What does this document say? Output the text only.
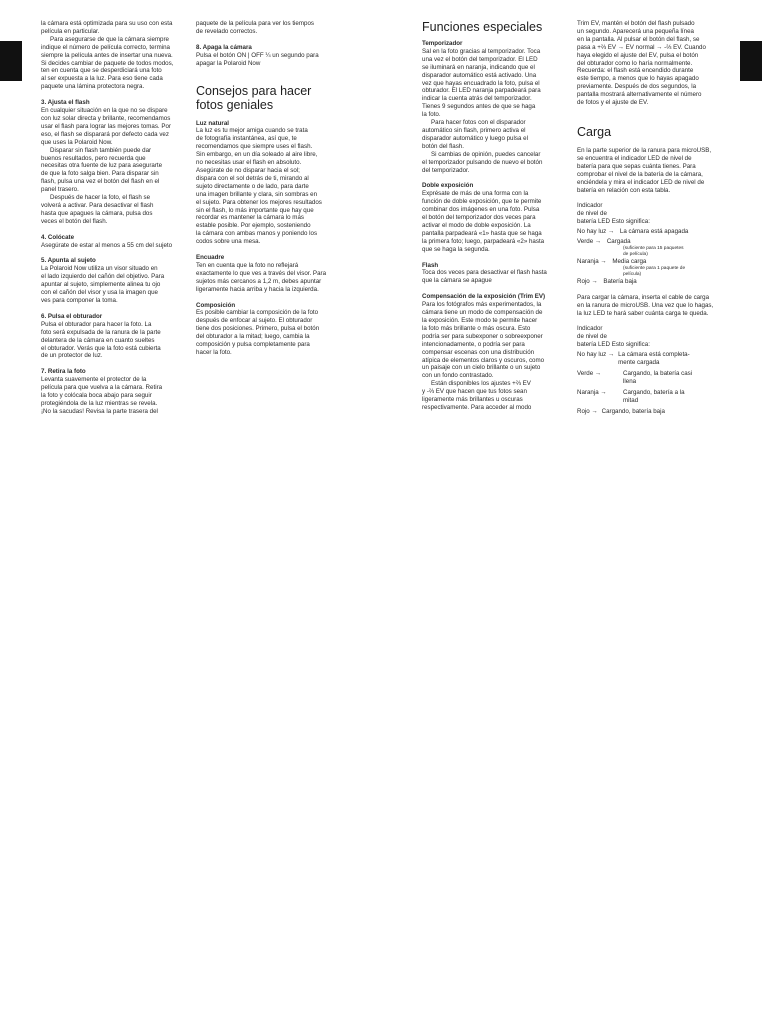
la cámara está optimizada para su uso con esta
película en particular.

Para asegurarse de que la cámara siempre
indique el número de película correcto, termina
siempre la película antes de insertar una nueva.
Si decides cambiar de paquete de todos modos,
ten en cuenta que se desperdiciará una foto
al ser expuesta a la luz. Para eso tiene cada
paquete una lámina protectora negra.

3. Ajusta el flash

En cualquier situación en la que no se dispare
con luz solar directa y brillante, recomendamos
usar el flash para lograr las mejores tomas. Por
eso, el flash se disparará por defecto cada vez
que uses la Polaroid Now.

Disparar sin flash también puede dar
buenos resultados, pero recuerda que
necesitas otra fuente de luz para asegurarte
de que la foto salga bien. Para disparar sin
flash, pulsa una vez el botón del flash en el
panel trasero.

Después de hacer la foto, el flash se
volverá a activar. Para desactivar el flash
hasta que apagues la cámara, pulsa dos
veces el botón del flash.

4. Colócate

Asegúrate de estar al menos a 55 cm del sujeto

5. Apunta al sujeto

La Polaroid Now utiliza un visor situado en
el lado izquierdo del cañón del objetivo. Para
apuntar al sujeto, simplemente alinea tu ojo
con el cañón del visor y usa la imagen que
ves para componer la toma.

6. Pulsa el obturador

Pulsa el obturador para hacer la foto. La
foto será expulsada de la ranura de la parte
delantera de la cámara en cuanto sueltes
el obturador. Verás que la foto está cubierta
de un protector de luz.

7. Retira la foto

Levanta suavemente el protector de la
película para que vuelva a la cámara. Retira
la foto y colócala boca abajo para seguir
protegiéndola de la luz mientras se revela.
¡No la sacudas! Revisa la parte trasera del

paquete de la película para ver los tiempos
de revelado correctos.

8. Apaga la cámara

Pulsa el botón ON | OFF ¼ un segundo para
apagar la Polaroid Now

Consejos para hacer
fotos geniales

Luz natural

La luz es tu mejor amiga cuando se trata
de fotografía instantánea, así que, te
recomendamos que siempre uses el flash.
Sin embargo, en un día soleado al aire libre,
no necesitas usar el flash en absoluto.
Asegúrate de no disparar hacia el sol;
dispara con el sol detrás de ti, mirando al
sujeto directamente o de lado, para darte
una imagen brillante y clara, sin sombras en
el sujeto. Para obtener los mejores resultados
sin el flash, lo más importante que hay que
recordar es mantener la cámara lo más
estable posible. Por ejemplo, sosteniendo
la cámara con ambas manos y poniendo los
codos sobre una mesa.

Encuadre

Ten en cuenta que la foto no reflejará
exactamente lo que ves a través del visor. Para
sujetos más cercanos a 1,2 m, debes apuntar
ligeramente hacia arriba y hacia la izquierda.

Composición

Es posible cambiar la composición de la foto
después de enfocar al sujeto. El obturador
tiene dos posiciones. Primero, pulsa el botón
del obturador a la mitad; luego, cambia la
composición y pulsa completamente para
hacer la foto.

Funciones especiales

Temporizador

Sal en la foto gracias al temporizador. Toca
una vez el botón del temporizador. El LED
se iluminará en naranja, indicando que el
disparador automático está activado. Una
vez que hayas encuadrado la foto, pulsa el
obturador. El LED naranja parpadeará para
indicar la cuenta atrás del temporizador.
Tienes 9 segundos antes de que se haga
la foto.

Para hacer fotos con el disparador
automático sin flash, primero activa el
disparador automático y luego pulsa el
botón del flash.

Si cambias de opinión, puedes cancelar
el temporizador pulsando de nuevo el botón
del temporizador.

Doble exposición

Exprésate de más de una forma con la
función de doble exposición, que te permite
combinar dos imágenes en una foto. Pulsa
el botón del temporizador dos veces para
activar el modo de doble exposición. La
pantalla parpadeará «1» hasta que se haga
la primera foto; luego, parpadeará «2» hasta
que se haga la segunda.

Flash

Toca dos veces para desactivar el flash hasta
que la cámara se apague

Compensación de la exposición (Trim EV)

Para los fotógrafos más experimentados, la
cámara tiene un modo de compensación de
la exposición. Este modo te permite hacer
la foto más brillante o más oscura. Esto
podría ser para subexponer o sobreexponer
intencionadamente, o podría ser para
compensar escenas con una distribución
atípica de elementos claros y oscuros, como
un paisaje con un cielo brillante o un sujeto
con un fondo contrastado.

Están disponibles los ajustes +⅔ EV
y -⅔ EV que hacen que tus fotos sean
ligeramente más brillantes u oscuras
respectivamente. Para acceder al modo

Trim EV, mantén el botón del flash pulsado
un segundo. Aparecerá una pequeña línea
en la pantalla. Al pulsar el botón del flash, se
pasa a +⅔ EV → EV normal → -⅔ EV. Cuando
haya elegido el ajuste del EV, pulsa el botón
del obturador como lo haría normalmente.
Recuerda: el flash está encendido durante
este tiempo, a menos que lo hayas apagado
previamente. Después de dos segundos, la
pantalla mostrará alternativamente el número
de fotos y el ajuste de EV.

Carga

En la parte superior de la ranura para microUSB,
se encuentra el indicador LED de nivel de
batería para que sepas cuánta tienes. Para
comprobar el nivel de la batería de la cámara,
enciéndela y mira el indicador LED de nivel de
batería en relación con esta tabla.

Indicador
de nivel de
batería LED Esto significa:

No hay luz → La cámara está apagada
Verde → Cargada
(suficiente para 15 paquetes
de película)
Naranja → Media carga
(suficiente para 1 paquete de
película)
Rojo → Batería baja

Para cargar la cámara, inserta el cable de carga
en la ranura de microUSB. Una vez que lo hagas,
la luz LED te hará saber cuánta carga te queda.

Indicador
de nivel de
batería LED Esto significa:

No hay luz → La cámara está completa-
mente cargada
Verde →	Cargando, la batería casi
llena
Naranja →	Cargando, batería a la
mitad
Rojo → Cargando, batería baja
